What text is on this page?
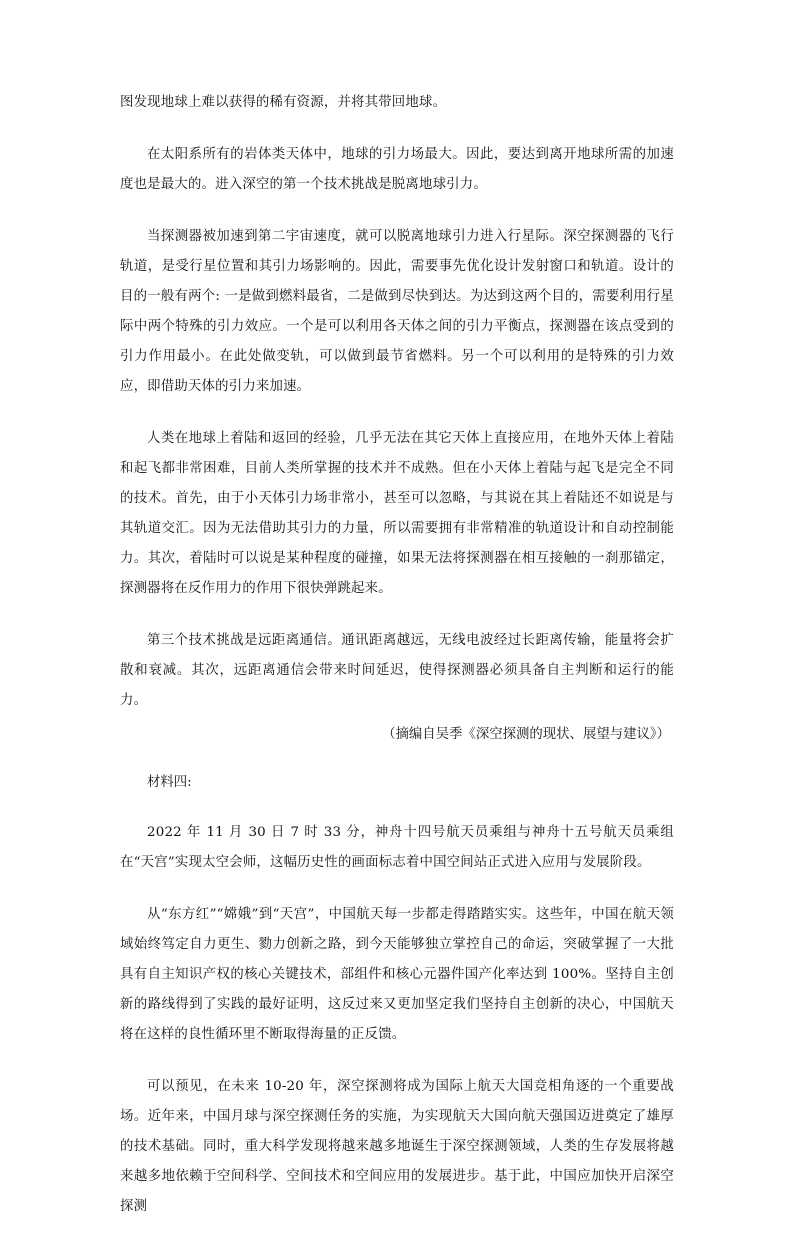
图发现地球上难以获得的稀有资源，并将其带回地球。

在太阳系所有的岩体类天体中，地球的引力场最大。因此，要达到离开地球所需的加速度也是最大的。进入深空的第一个技术挑战是脱离地球引力。

当探测器被加速到第二宇宙速度，就可以脱离地球引力进入行星际。深空探测器的飞行轨道，是受行星位置和其引力场影响的。因此，需要事先优化设计发射窗口和轨道。设计的目的一般有两个: 一是做到燃料最省，二是做到尽快到达。为达到这两个目的，需要利用行星际中两个特殊的引力效应。一个是可以利用各天体之间的引力平衡点，探测器在该点受到的引力作用最小。在此处做变轨，可以做到最节省燃料。另一个可以利用的是特殊的引力效应，即借助天体的引力来加速。

人类在地球上着陆和返回的经验，几乎无法在其它天体上直接应用，在地外天体上着陆和起飞都非常困难，目前人类所掌握的技术并不成熟。但在小天体上着陆与起飞是完全不同的技术。首先，由于小天体引力场非常小，甚至可以忽略，与其说在其上着陆还不如说是与其轨道交汇。因为无法借助其引力的力量，所以需要拥有非常精准的轨道设计和自动控制能力。其次，着陆时可以说是某种程度的碰撞，如果无法将探测器在相互接触的一刹那锚定，探测器将在反作用力的作用下很快弹跳起来。

第三个技术挑战是远距离通信。通讯距离越远，无线电波经过长距离传输，能量将会扩散和衰减。其次，远距离通信会带来时间延迟，使得探测器必须具备自主判断和运行的能力。

（摘编自吴季《深空探测的现状、展望与建议》）

材料四:

2022 年 11 月 30 日 7 时 33 分，神舟十四号航天员乘组与神舟十五号航天员乘组在“天宫”实现太空会师，这幅历史性的画面标志着中国空间站正式进入应用与发展阶段。

从“东方红”“嫦娥”到“天宫”，中国航天每一步都走得踏踏实实。这些年，中国在航天领域始终笃定自力更生、勠力创新之路，到今天能够独立掌控自己的命运，突破掌握了一大批具有自主知识产权的核心关键技术，部组件和核心元器件国产化率达到 100%。坚持自主创新的路线得到了实践的最好证明，这反过来又更加坚定我们坚持自主创新的决心，中国航天将在这样的良性循环里不断取得海量的正反馈。

可以预见，在未来 10-20 年，深空探测将成为国际上航天大国竞相角逐的一个重要战场。近年来，中国月球与深空探测任务的实施，为实现航天大国向航天强国迈进奠定了雄厚的技术基础。同时，重大科学发现将越来越多地诞生于深空探测领域，人类的生存发展将越来越多地依赖于空间科学、空间技术和空间应用的发展进步。基于此，中国应加快开启深空探测
